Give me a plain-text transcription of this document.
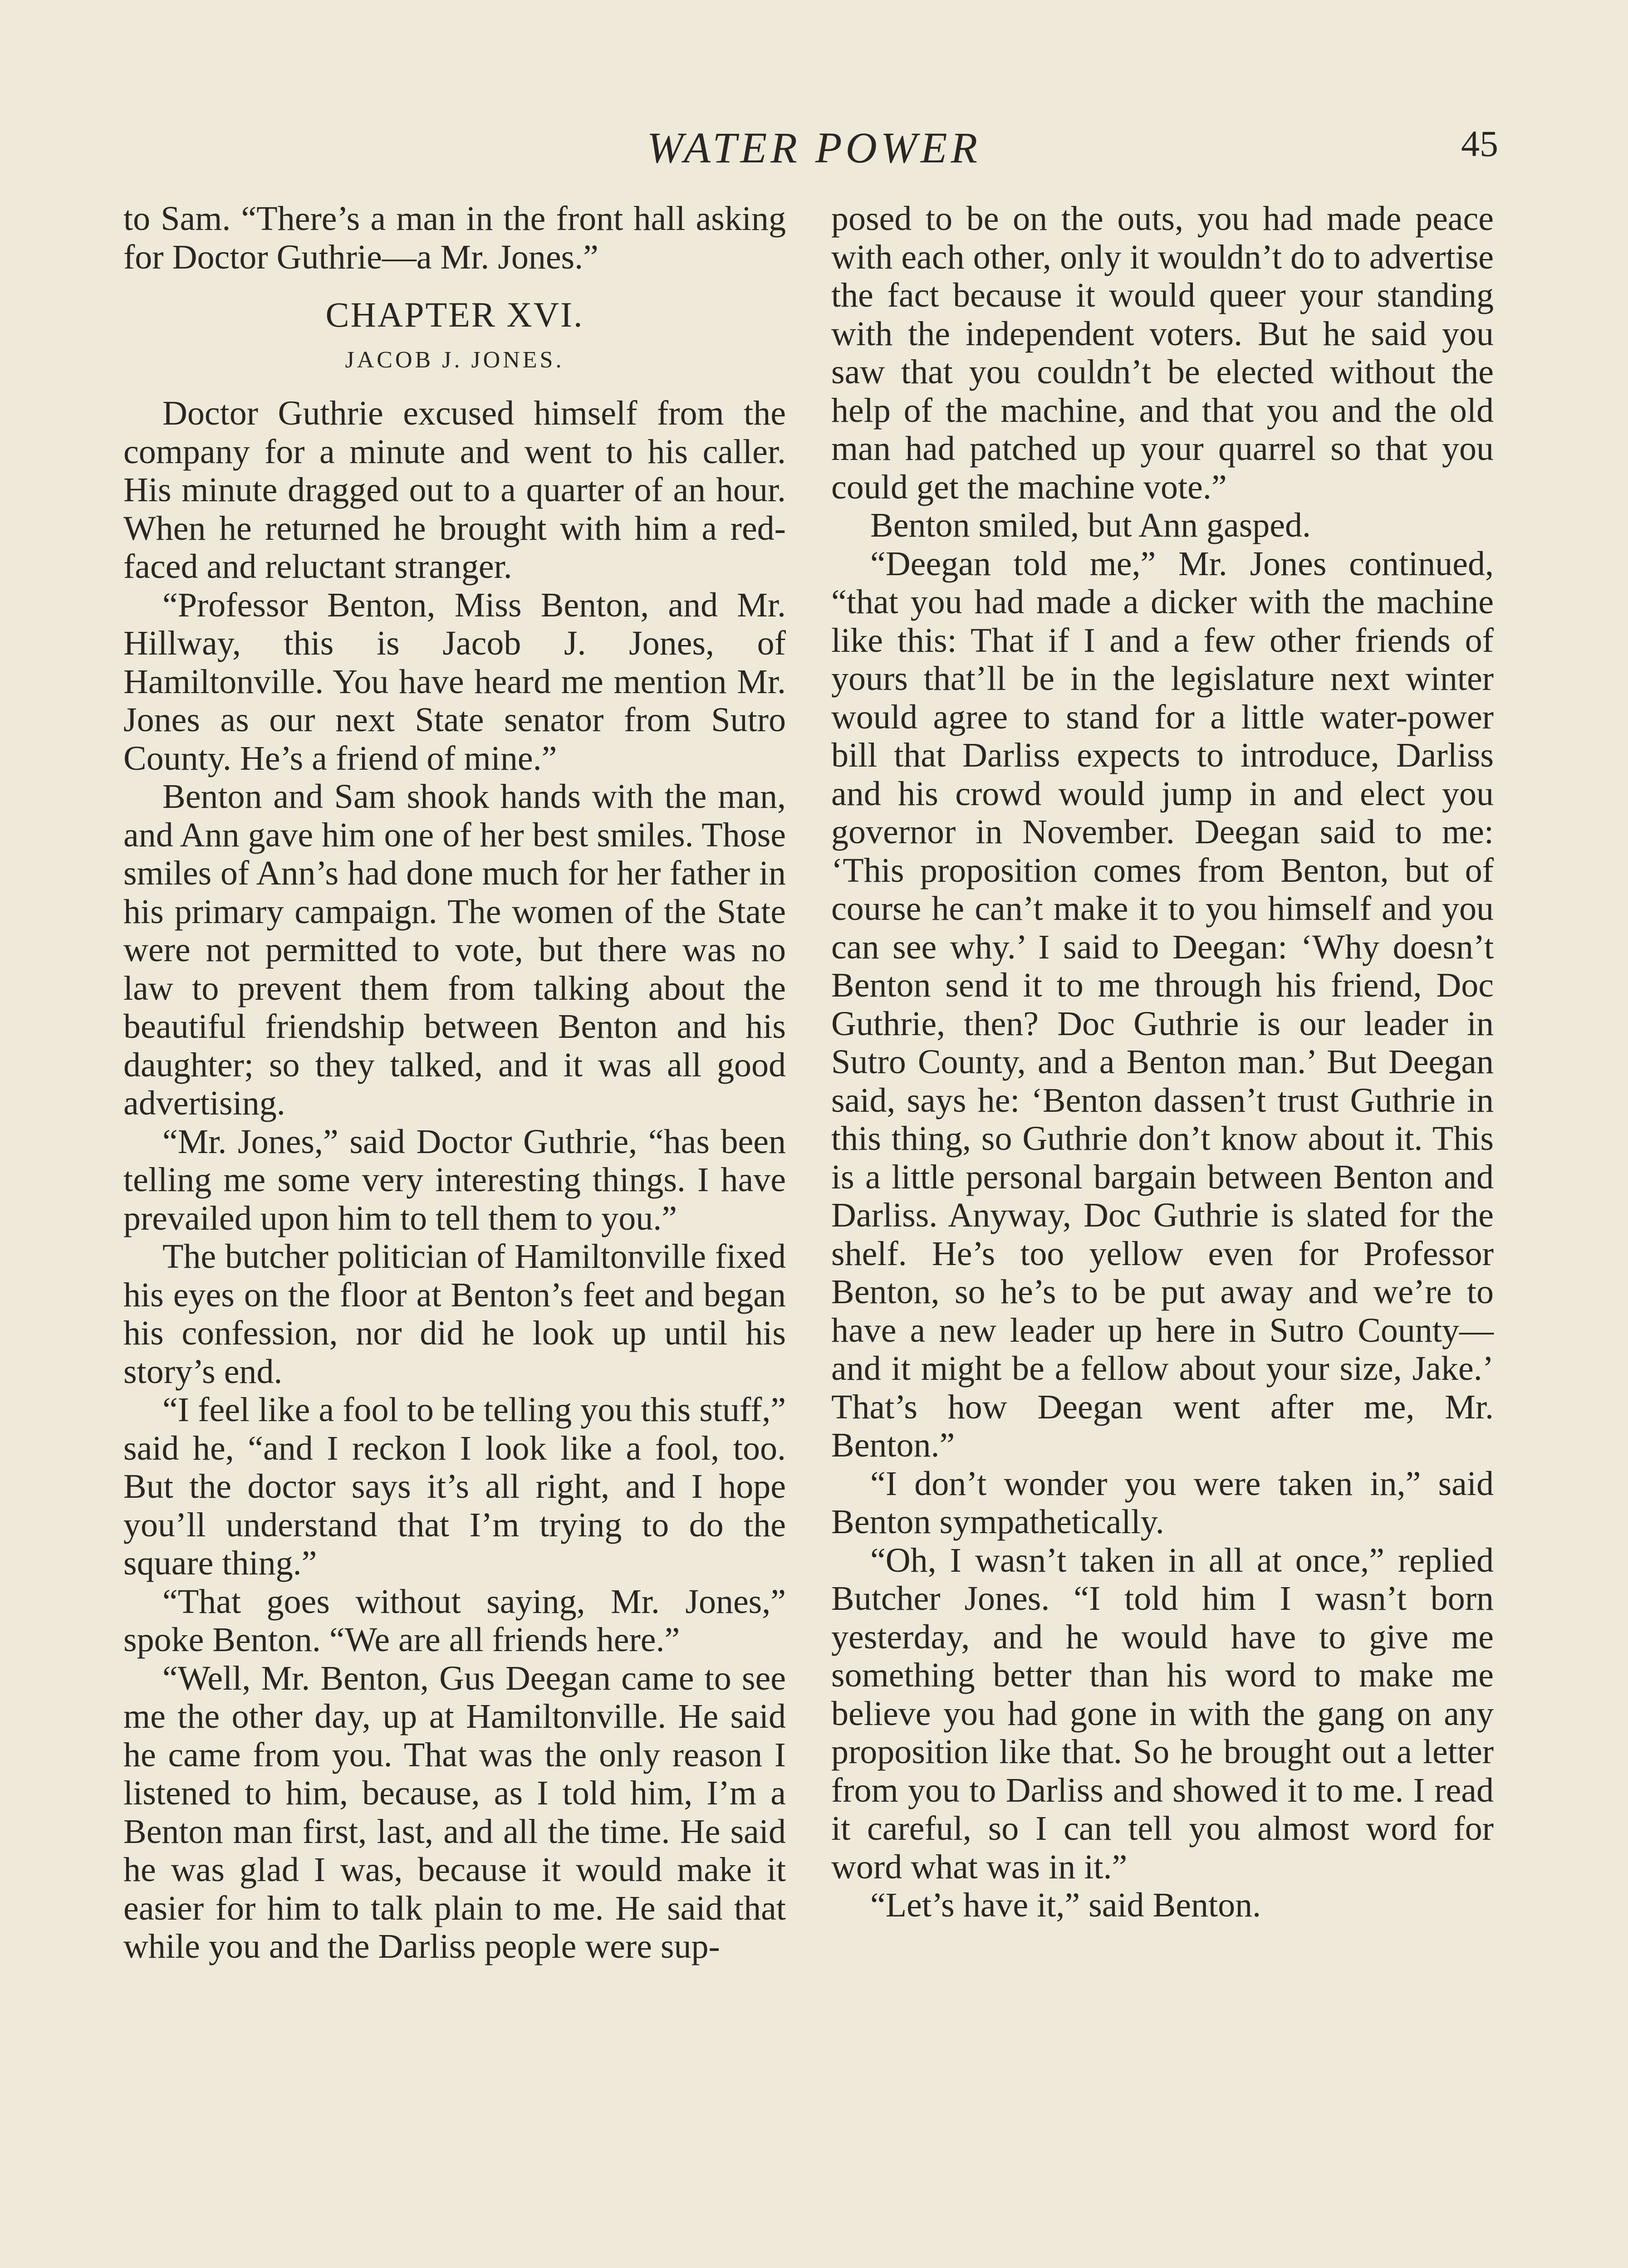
WATER POWER	45

to Sam. “There’s a man in the front hall asking for Doctor Guthrie—a Mr. Jones.”

CHAPTER XVI.
JACOB J. JONES.

Doctor Guthrie excused himself from the company for a minute and went to his caller. His minute dragged out to a quarter of an hour. When he returned he brought with him a red-faced and reluctant stranger.

“Professor Benton, Miss Benton, and Mr. Hillway, this is Jacob J. Jones, of Hamiltonville. You have heard me mention Mr. Jones as our next State senator from Sutro County. He’s a friend of mine.”

Benton and Sam shook hands with the man, and Ann gave him one of her best smiles. Those smiles of Ann’s had done much for her father in his primary campaign. The women of the State were not permitted to vote, but there was no law to prevent them from talking about the beautiful friendship between Benton and his daughter; so they talked, and it was all good advertising.

“Mr. Jones,” said Doctor Guthrie, “has been telling me some very interesting things. I have prevailed upon him to tell them to you.”

The butcher politician of Hamiltonville fixed his eyes on the floor at Benton’s feet and began his confession, nor did he look up until his story’s end.

“I feel like a fool to be telling you this stuff,” said he, “and I reckon I look like a fool, too. But the doctor says it’s all right, and I hope you’ll understand that I’m trying to do the square thing.”

“That goes without saying, Mr. Jones,” spoke Benton. “We are all friends here.”

“Well, Mr. Benton, Gus Deegan came to see me the other day, up at Hamiltonville. He said he came from you. That was the only reason I listened to him, because, as I told him, I’m a Benton man first, last, and all the time. He said he was glad I was, because it would make it easier for him to talk plain to me. He said that while you and the Darliss people were sup-

posed to be on the outs, you had made peace with each other, only it wouldn’t do to advertise the fact because it would queer your standing with the independent voters. But he said you saw that you couldn’t be elected without the help of the machine, and that you and the old man had patched up your quarrel so that you could get the machine vote.”

Benton smiled, but Ann gasped.

“Deegan told me,” Mr. Jones continued, “that you had made a dicker with the machine like this: That if I and a few other friends of yours that’ll be in the legislature next winter would agree to stand for a little water-power bill that Darliss expects to introduce, Darliss and his crowd would jump in and elect you governor in November. Deegan said to me: ‘This proposition comes from Benton, but of course he can’t make it to you himself and you can see why.’ I said to Deegan: ‘Why doesn’t Benton send it to me through his friend, Doc Guthrie, then? Doc Guthrie is our leader in Sutro County, and a Benton man.’ But Deegan said, says he: ‘Benton dassen’t trust Guthrie in this thing, so Guthrie don’t know about it. This is a little personal bargain between Benton and Darliss. Anyway, Doc Guthrie is slated for the shelf. He’s too yellow even for Professor Benton, so he’s to be put away and we’re to have a new leader up here in Sutro County—and it might be a fellow about your size, Jake.’ That’s how Deegan went after me, Mr. Benton.”

“I don’t wonder you were taken in,” said Benton sympathetically.

“Oh, I wasn’t taken in all at once,” replied Butcher Jones. “I told him I wasn’t born yesterday, and he would have to give me something better than his word to make me believe you had gone in with the gang on any proposition like that. So he brought out a letter from you to Darliss and showed it to me. I read it careful, so I can tell you almost word for word what was in it.”

“Let’s have it,” said Benton.
